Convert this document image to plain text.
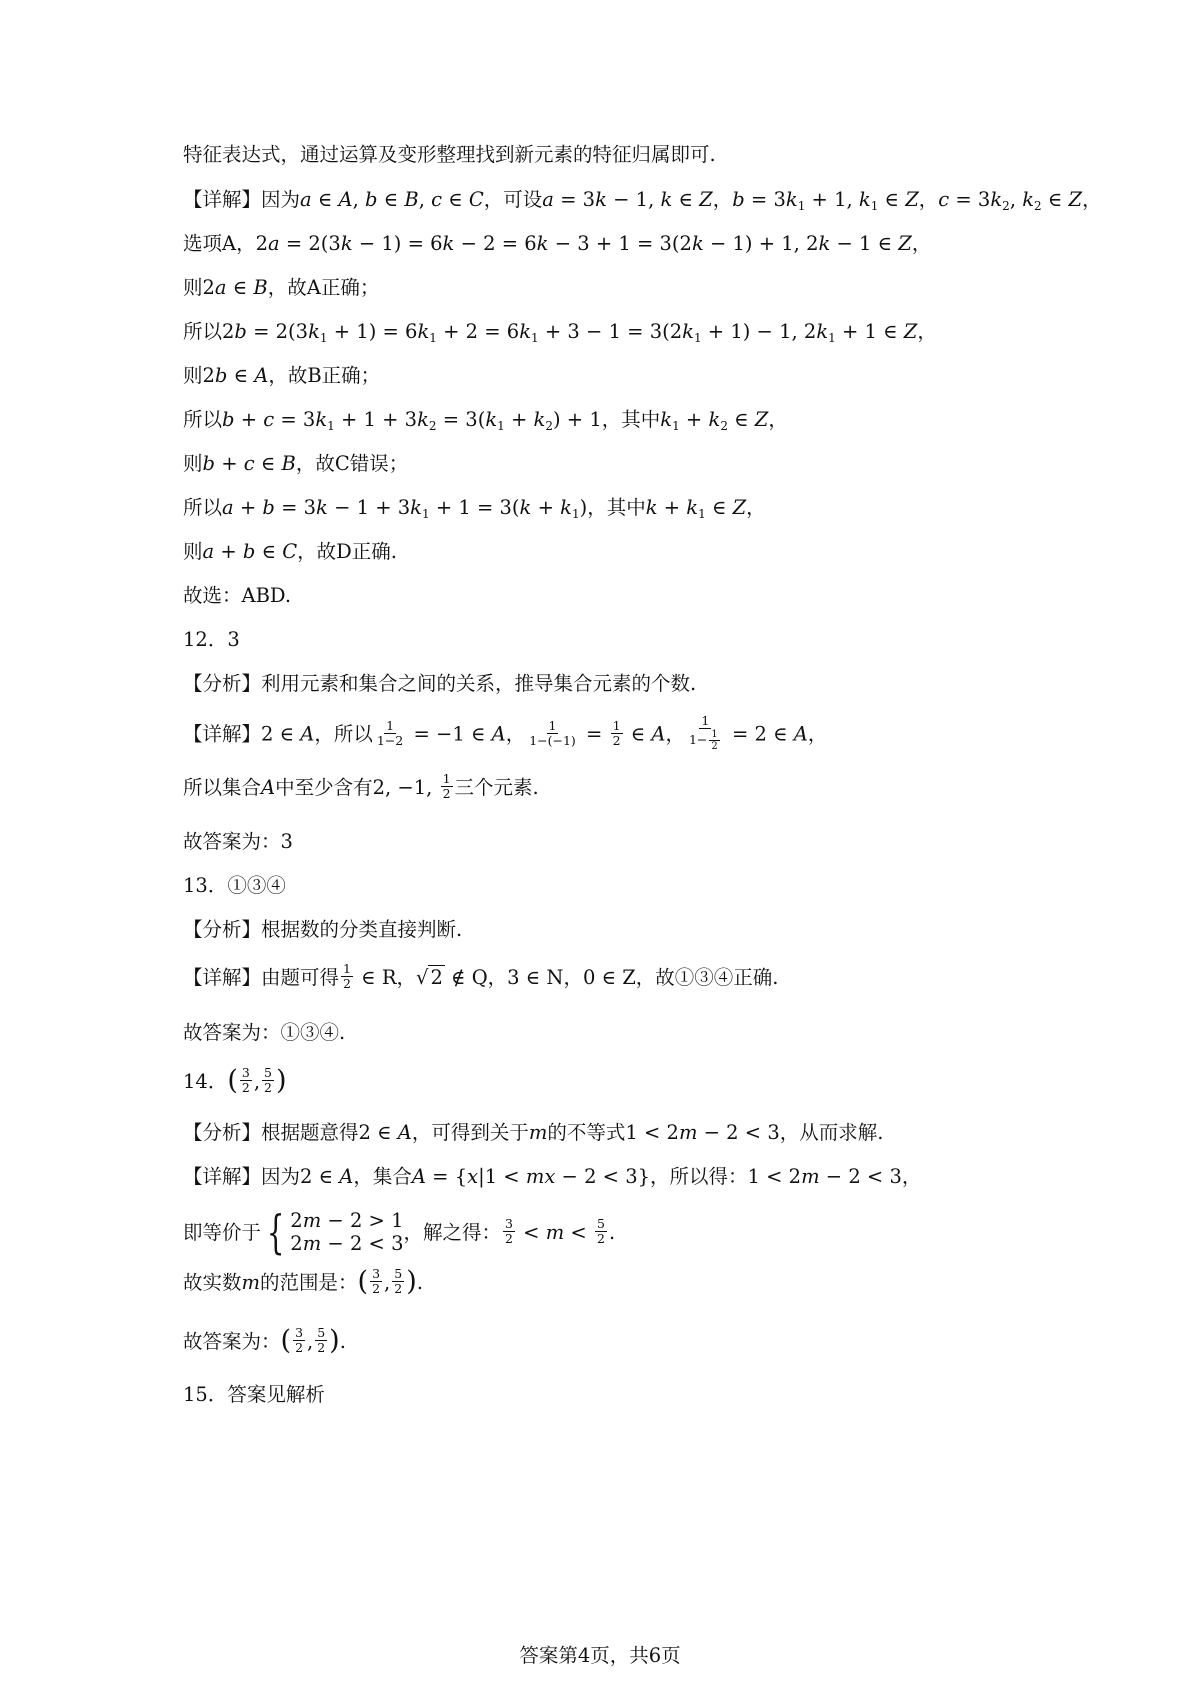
特征表达式，通过运算及变形整理找到新元素的特征归属即可.
【详解】因为a ∈ A, b ∈ B, c ∈ C，可设a = 3k − 1, k ∈ Z，$b = 3k_1 + 1$, $k_1$ ∈ Z，$c = 3k_2$, $k_2$ ∈ Z，
选项A，2a = 2(3k − 1) = 6k − 2 = 6k − 3 + 1 = 3(2k − 1) + 1, 2k − 1 ∈ Z，
则2a ∈ B，故A正确；
所以$2b = 2(3k_1 + 1) = 6k_1 + 2 = 6k_1 + 3 - 1 = 3(2k_1 + 1) - 1$, $2k_1 + 1$ ∈ Z，
则2b ∈ A，故B正确；
所以$b + c = 3k_1 + 1 + 3k_2 = 3(k_1 + k_2) + 1$，其中$k_1 + k_2$ ∈ Z，
则b + c ∈ B，故C错误；
所以$a + b = 3k - 1 + 3k_1 + 1 = 3(k + k_1)$，其中$k + k_1$ ∈ Z，
则a + b ∈ C，故D正确.
故选：ABD.
12．3
【分析】利用元素和集合之间的关系，推导集合元素的个数.
【详解】2 ∈ A，所以 $\frac{1}{1-2} = -1$ ∈ A， $\frac{1}{1-(-1)} = \frac{1}{2}$ ∈ A， $\frac{1}{1- \frac{1}{2}} = 2$ ∈ A，
所以集合A中至少含有2, −1, $\frac{1}{2}$ 三个元素.
故答案为：3
13．①③④
【分析】根据数的分类直接判断.
【详解】由题可得 $\frac{1}{2}$ ∈ R，√ 2 ∉ Q，3 ∈ N，0 ∈ Z，故①③④正确.
故答案为：①③④.
14．( $\frac{3}{2}$ , $\frac{5}{2}$ )
【分析】根据题意得2 ∈ A，可得到关于m的不等式1 < 2m − 2 < 3，从而求解.
【详解】因为2 ∈ A，集合A = {x|1 < mx − 2 < 3}，所以得：1 < 2m − 2 < 3，
即等价于 { 2m − 2 > 1
2m − 2 < 3 ，解之得： $\frac{3}{2} < m < \frac{5}{2}$ .
故实数m的范围是：( $\frac{3}{2}$ , $\frac{5}{2}$ ).
故答案为：( $\frac{3}{2}$ , $\frac{5}{2}$ ).
15．答案见解析
答案第4页，共6页
